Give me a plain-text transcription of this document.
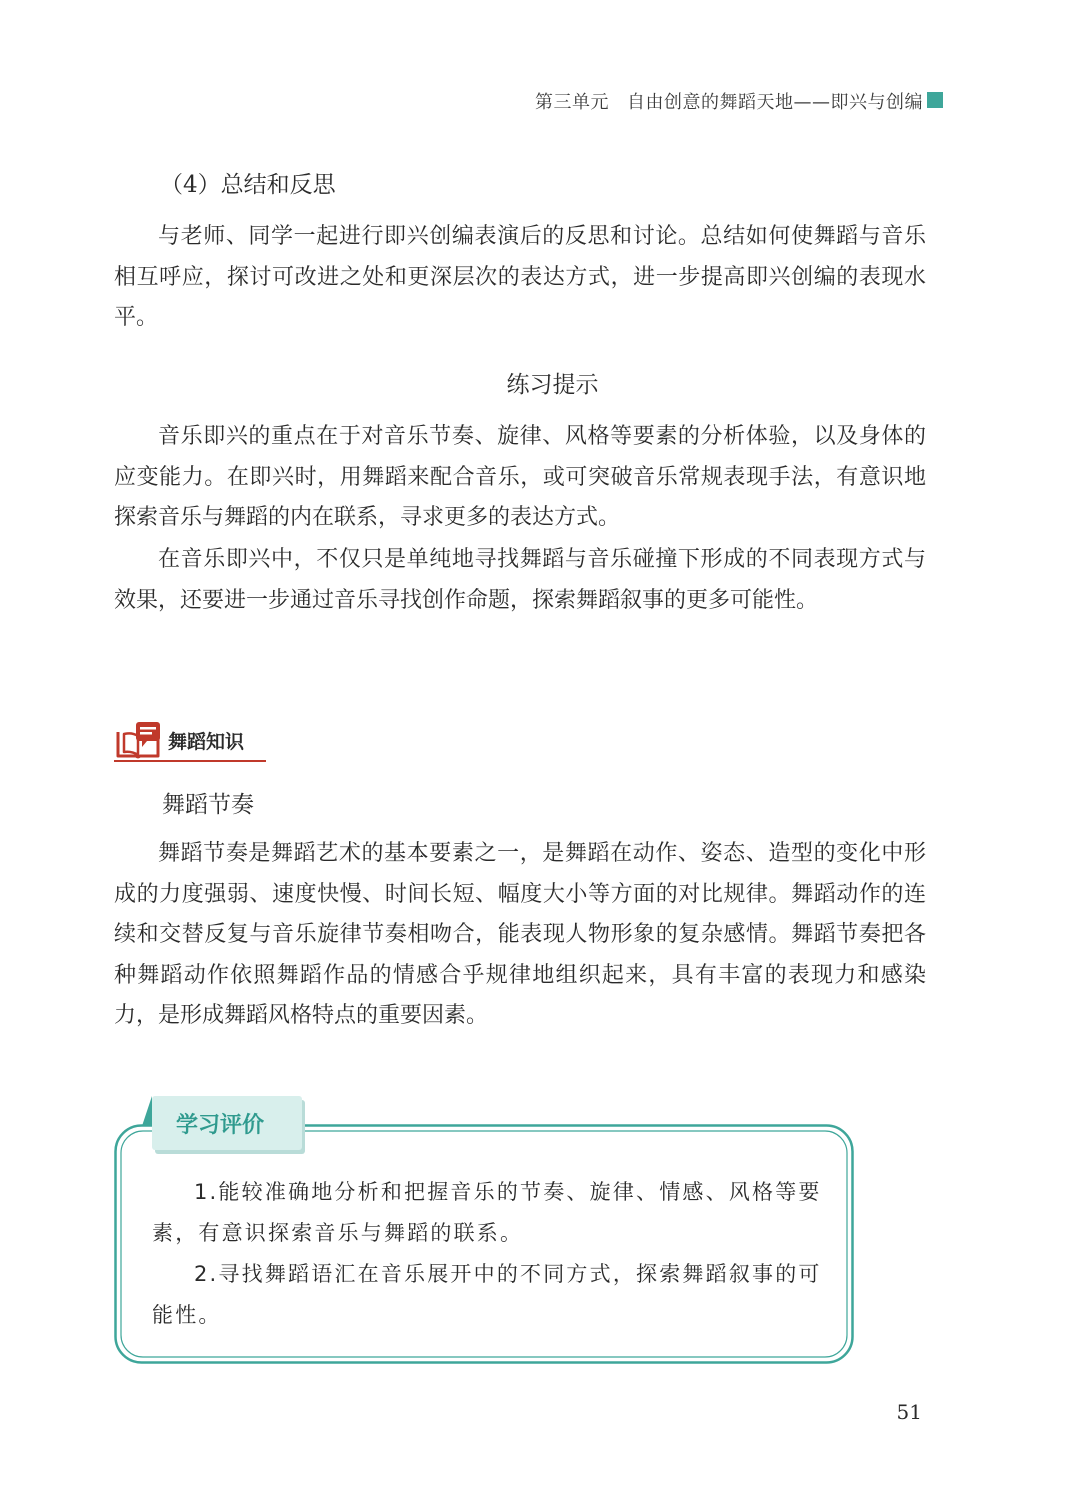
第三单元 自由创意的舞蹈天地——即兴与创编
（4）总结和反思

与老师、同学一起进行即兴创编表演后的反思和讨论。总结如何使舞蹈与音乐相互呼应，探讨可改进之处和更深层次的表达方式，进一步提高即兴创编的表现水平。

练习提示

音乐即兴的重点在于对音乐节奏、旋律、风格等要素的分析体验，以及身体的应变能力。在即兴时，用舞蹈来配合音乐，或可突破音乐常规表现手法，有意识地探索音乐与舞蹈的内在联系，寻求更多的表达方式。

在音乐即兴中，不仅只是单纯地寻找舞蹈与音乐碰撞下形成的不同表现方式与效果，还要进一步通过音乐寻找创作命题，探索舞蹈叙事的更多可能性。

舞蹈知识
舞蹈节奏

舞蹈节奏是舞蹈艺术的基本要素之一，是舞蹈在动作、姿态、造型的变化中形成的力度强弱、速度快慢、时间长短、幅度大小等方面的对比规律。舞蹈动作的连续和交替反复与音乐旋律节奏相吻合，能表现人物形象的复杂感情。舞蹈节奏把各种舞蹈动作依照舞蹈作品的情感合乎规律地组织起来，具有丰富的表现力和感染力，是形成舞蹈风格特点的重要因素。

学习评价

1.能较准确地分析和把握音乐的节奏、旋律、情感、风格等要素，有意识探索音乐与舞蹈的联系。

2.寻找舞蹈语汇在音乐展开中的不同方式，探索舞蹈叙事的可能性。

51
